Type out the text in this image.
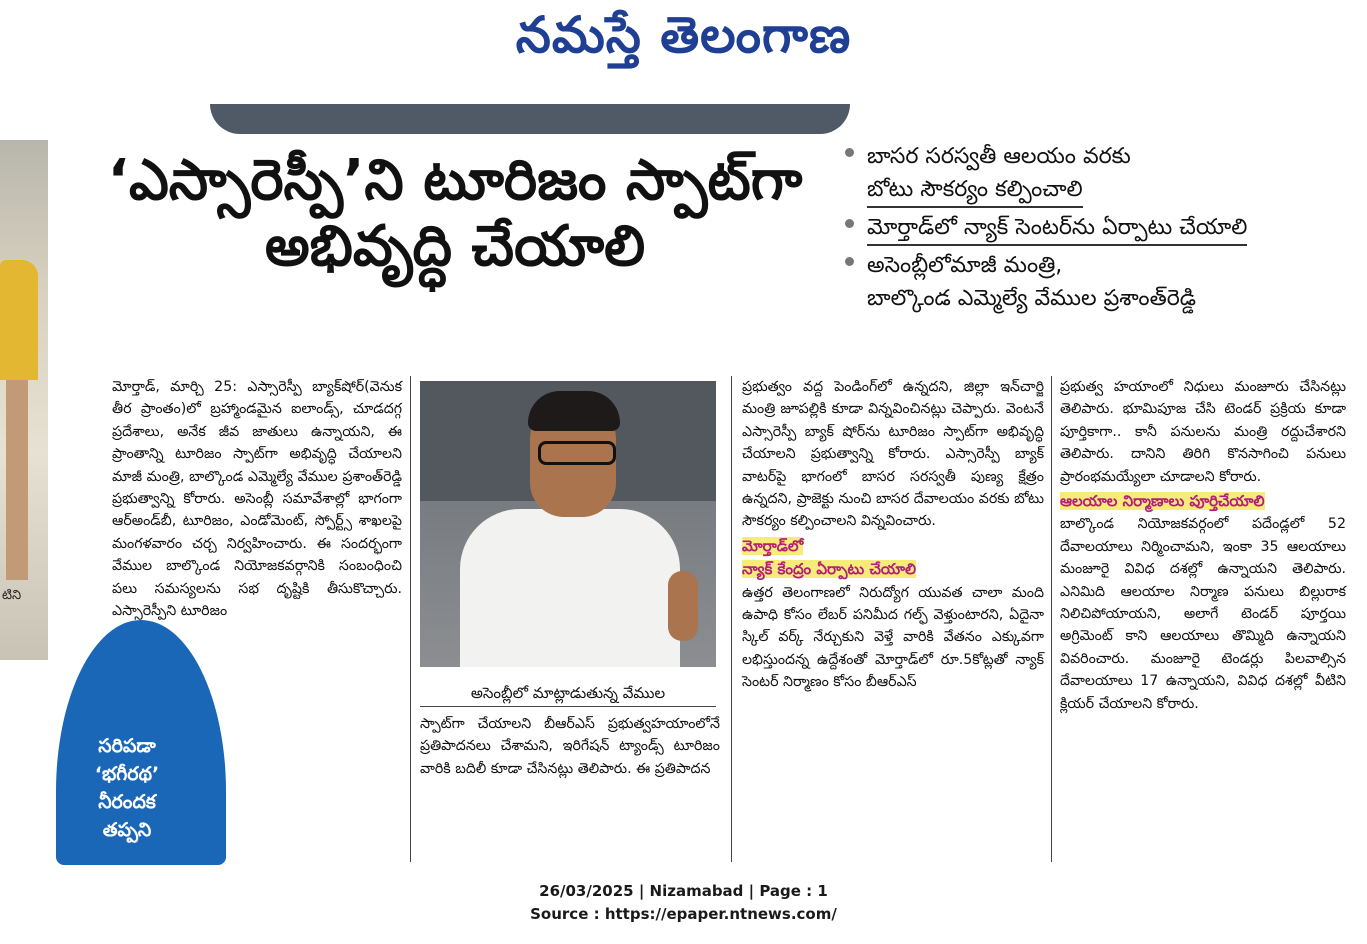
నమస్తే తెలంగాణ
టిని
‘ఎస్సారెస్పీ’ని టూరిజం స్పాట్‌గా
అభివృద్ధి చేయాలి
బాసర సరస్వతీ ఆలయం వరకు
బోటు సౌకర్యం కల్పించాలి
మోర్తాడ్‌లో న్యాక్ సెంటర్‌ను ఏర్పాటు చేయాలి
అసెంబ్లీలోమాజీ మంత్రి,
బాల్కొండ ఎమ్మెల్యే వేముల ప్రశాంత్‌రెడ్డి
మోర్తాడ్, మార్చి 25: ఎస్సారెస్పీ బ్యాక్‌షోర్(వెనుక తీర ప్రాంతం)లో బ్రహ్మాండమైన ఐలాండ్స్, చూడదగ్గ ప్రదేశాలు, అనేక జీవ జాతులు ఉన్నాయని, ఈ ప్రాంతాన్ని టూరిజం స్పాట్‌గా అభివృద్ధి చేయాలని మాజీ మంత్రి, బాల్కొండ ఎమ్మెల్యే వేముల ప్రశాంత్‌రెడ్డి ప్రభుత్వాన్ని కోరారు. అసెంబ్లీ సమావేశాల్లో భాగంగా ఆర్అండ్‌బీ, టూరిజం, ఎండోమెంట్, స్పోర్ట్స్ శాఖలపై మంగళవారం చర్చ నిర్వహించారు. ఈ సందర్భంగా వేముల బాల్కొండ నియోజకవర్గానికి సంబంధించి పలు సమస్యలను సభ దృష్టికి తీసుకొచ్చారు. ఎస్సారెస్పీని టూరిజం
అసెంబ్లీలో మాట్లాడుతున్న వేముల
స్పాట్‌గా చేయాలని బీఆర్ఎస్ ప్రభుత్వహయాంలోనే ప్రతిపాదనలు చేశామని, ఇరిగేషన్ ట్యాండ్స్ టూరిజం వారికి బదిలీ కూడా చేసినట్లు తెలిపారు. ఈ ప్రతిపాదన
ప్రభుత్వం వద్ద పెండింగ్‌లో ఉన్నదని, జిల్లా ఇన్‌చార్జి మంత్రి జూపల్లికి కూడా విన్నవించినట్లు చెప్పారు. వెంటనే ఎస్సారెస్పీ బ్యాక్ షోర్‌ను టూరిజం స్పాట్‌గా అభివృద్ధి చేయాలని ప్రభుత్వాన్ని కోరారు. ఎస్సారెస్పీ బ్యాక్ వాటర్‌పై భాగంలో బాసర సరస్వతీ పుణ్య క్షేత్రం ఉన్నదని, ప్రాజెక్టు నుంచి బాసర దేవాలయం వరకు బోటు సౌకర్యం కల్పించాలని విన్నవించారు.
మోర్తాడ్‌లో
న్యాక్ కేంద్రం ఏర్పాటు చేయాలి
ఉత్తర తెలంగాణలో నిరుద్యోగ యువత చాలా మంది ఉపాధి కోసం లేబర్ పనిమీద గల్ఫ్ వెళ్తుంటారని, ఏదైనా స్కిల్ వర్క్ నేర్చుకుని వెళ్తే వారికి వేతనం ఎక్కువగా లభిస్తుందన్న ఉద్దేశంతో మోర్తాడ్‌లో రూ.5కోట్లతో న్యాక్ సెంటర్ నిర్మాణం కోసం బీఆర్ఎస్
ప్రభుత్వ హయాంలో నిధులు మంజూరు చేసినట్లు తెలిపారు. భూమిపూజ చేసి టెండర్ ప్రక్రియ కూడా పూర్తికాగా.. కానీ పనులను మంత్రి రద్దుచేశారని తెలిపారు. దానిని తిరిగి కొనసాగించి పనులు ప్రారంభమయ్యేలా చూడాలని కోరారు.
ఆలయాల నిర్మాణాలు పూర్తిచేయాలి
బాల్కొండ నియోజకవర్గంలో పదేండ్లలో 52 దేవాలయాలు నిర్మించామని, ఇంకా 35 ఆలయాలు మంజూరై వివిధ దశల్లో ఉన్నాయని తెలిపారు. ఎనిమిది ఆలయాల నిర్మాణ పనులు బిల్లురాక నిలిచిపోయాయని, అలాగే టెండర్ పూర్తయి అగ్రిమెంట్ కాని ఆలయాలు తొమ్మిది ఉన్నాయని వివరించారు. మంజూరై టెండర్లు పిలవాల్సిన దేవాలయాలు 17 ఉన్నాయని, వివిధ దశల్లో వీటిని క్లియర్ చేయాలని కోరారు.
సరిపడా
‘భగీరథ’
నీరందక
తప్పని
26/03/2025 | Nizamabad | Page : 1
Source : https://epaper.ntnews.com/
